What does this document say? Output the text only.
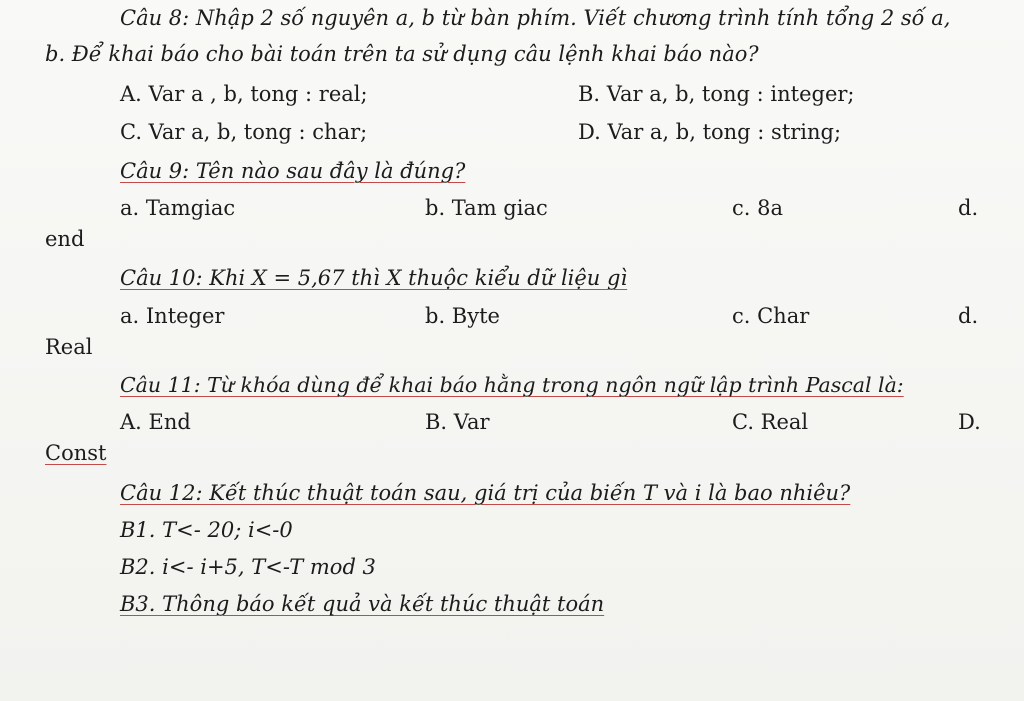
Câu 8: Nhập 2 số nguyên a, b từ bàn phím. Viết chương trình tính tổng 2 số a,
b. Để khai báo cho bài toán trên ta sử dụng câu lệnh khai báo nào?
A. Var a , b, tong : real;	B. Var a, b, tong : integer;
C. Var a, b, tong : char;	D. Var a, b, tong : string;
Câu 9: Tên nào sau đây là đúng?
a. Tamgiac	b. Tam giac	c. 8a	d.
end
Câu 10: Khi X = 5,67 thì X thuộc kiểu dữ liệu gì
a. Integer	b. Byte	c. Char	d.
Real
Câu 11: Từ khóa dùng để khai báo hằng trong ngôn ngữ lập trình Pascal là:
A. End	B. Var	C. Real	D.
Const
Câu 12: Kết thúc thuật toán sau, giá trị của biến T và i là bao nhiêu?
B1. T<- 20; i<-0
B2. i<- i+5, T<-T mod 3
B3. Thông báo kết quả và kết thúc thuật toán
